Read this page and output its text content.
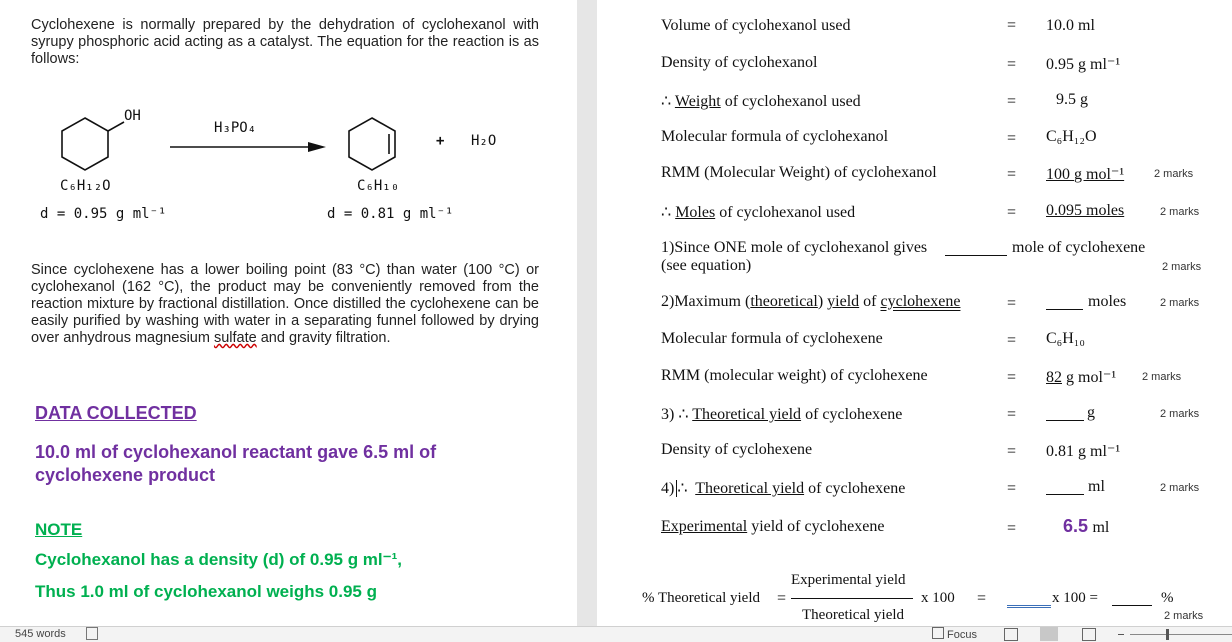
Cyclohexene is normally prepared by the dehydration of cyclohexanol with syrupy phosphoric acid acting as a catalyst. The equation for the reaction is as follows:
OH
H₃PO₄
+ H₂O
C₆H₁₂O
d = 0.95 g ml⁻¹
C₆H₁₀
d = 0.81 g ml⁻¹
Since cyclohexene has a lower boiling point (83 °C) than water (100 °C) or cyclohexanol (162 °C), the product may be conveniently removed from the reaction mixture by fractional distillation. Once distilled the cyclohexene can be easily purified by washing with water in a separating funnel followed by drying over anhydrous magnesium sulfate and gravity filtration.
DATA COLLECTED
10.0 ml of cyclohexanol reactant gave 6.5 ml of cyclohexene product
NOTE
Cyclohexanol has a density (d) of 0.95 g ml⁻¹,
Thus 1.0 ml of cyclohexanol weighs 0.95 g
Volume of cyclohexanol used	= 10.0 ml
Density of cyclohexanol	= 0.95 g ml⁻¹
∴ Weight of cyclohexanol used	= 9.5 g
Molecular formula of cyclohexanol	= C₆H₁₂O
RMM (Molecular Weight) of cyclohexanol	= 100 g mol⁻¹	2 marks
∴ Moles of cyclohexanol used	= 0.095 moles	2 marks
1)Since ONE mole of cyclohexanol gives	mole of cyclohexene
(see equation)	2 marks
2)Maximum (theoretical) yield of cyclohexene	=	moles	2 marks
Molecular formula of cyclohexene	= C₆H₁₀
RMM (molecular weight) of cyclohexene	= 82 g mol⁻¹ 2 marks
3) ∴ Theoretical yield of cyclohexene	=	g	2 marks
Density of cyclohexene	= 0.81 g ml⁻¹
4) ∴ Theoretical yield of cyclohexene	=	ml	2 marks
Experimental yield of cyclohexene	=	6.5 ml
% Theoretical yield =
Experimental yield
Theoretical yield
x 100 =	x 100 =	%
2 marks
545 words	Focus
